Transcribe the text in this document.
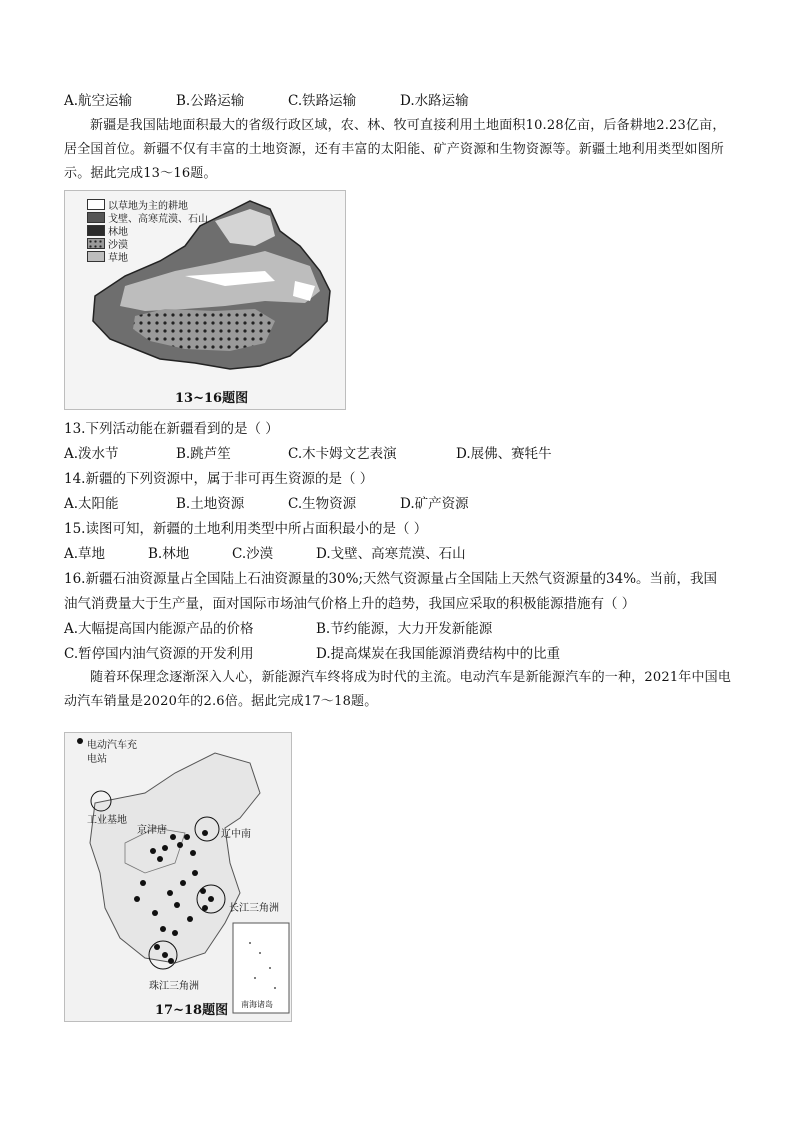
A.航空运输	B.公路运输	C.铁路运输	D.水路运输
新疆是我国陆地面积最大的省级行政区域，农、林、牧可直接利用土地面积10.28亿亩，后备耕地2.23亿亩，居全国首位。新疆不仅有丰富的土地资源，还有丰富的太阳能、矿产资源和生物资源等。新疆土地利用类型如图所示。据此完成13～16题。
以草地为主的耕地
戈壁、高寒荒漠、石山
林地
沙漠
草地
13~16题图
13.下列活动能在新疆看到的是（ ）
A.泼水节	B.跳芦笙	C.木卡姆文艺表演	D.展佛、赛牦牛
14.新疆的下列资源中，属于非可再生资源的是（ ）
A.太阳能	B.土地资源	C.生物资源	D.矿产资源
15.读图可知，新疆的土地利用类型中所占面积最小的是（ ）
A.草地	B.林地	C.沙漠	D.戈壁、高寒荒漠、石山
16.新疆石油资源量占全国陆上石油资源量的30%;天然气资源量占全国陆上天然气资源量的34%。当前，我国
油气消费量大于生产量，面对国际市场油气价格上升的趋势，我国应采取的积极能源措施有（ ）
A.大幅提高国内能源产品的价格	B.节约能源，大力开发新能源
C.暂停国内油气资源的开发利用	D.提高煤炭在我国能源消费结构中的比重
随着环保理念逐渐深入人心，新能源汽车终将成为时代的主流。电动汽车是新能源汽车的一种，2021年中国电动汽车销量是2020年的2.6倍。据此完成17～18题。
电动汽车充电站
工业基地
京津唐	辽中南
长江三角洲
珠江三角洲
南海诸岛
17~18题图
